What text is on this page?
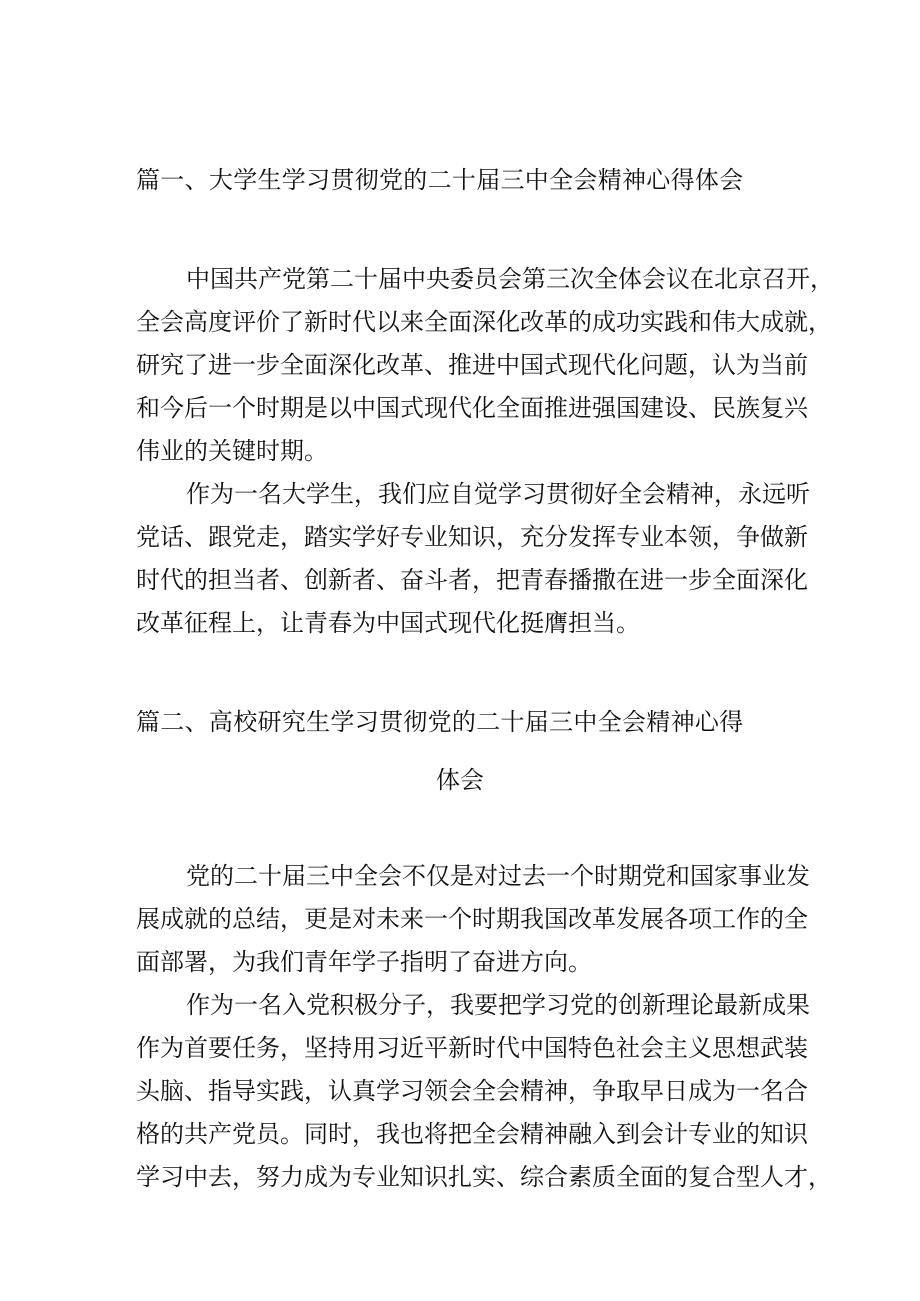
篇一、大学生学习贯彻党的二十届三中全会精神心得体会
中国共产党第二十届中央委员会第三次全体会议在北京召开，
全会高度评价了新时代以来全面深化改革的成功实践和伟大成就，
研究了进一步全面深化改革、推进中国式现代化问题，认为当前
和今后一个时期是以中国式现代化全面推进强国建设、民族复兴
伟业的关键时期。
作为一名大学生，我们应自觉学习贯彻好全会精神，永远听
党话、跟党走，踏实学好专业知识，充分发挥专业本领，争做新
时代的担当者、创新者、奋斗者，把青春播撒在进一步全面深化
改革征程上，让青春为中国式现代化挺膺担当。
篇二、高校研究生学习贯彻党的二十届三中全会精神心得
体会
党的二十届三中全会不仅是对过去一个时期党和国家事业发
展成就的总结，更是对未来一个时期我国改革发展各项工作的全
面部署，为我们青年学子指明了奋进方向。
作为一名入党积极分子，我要把学习党的创新理论最新成果
作为首要任务，坚持用习近平新时代中国特色社会主义思想武装
头脑、指导实践，认真学习领会全会精神，争取早日成为一名合
格的共产党员。同时，我也将把全会精神融入到会计专业的知识
学习中去，努力成为专业知识扎实、综合素质全面的复合型人才，
